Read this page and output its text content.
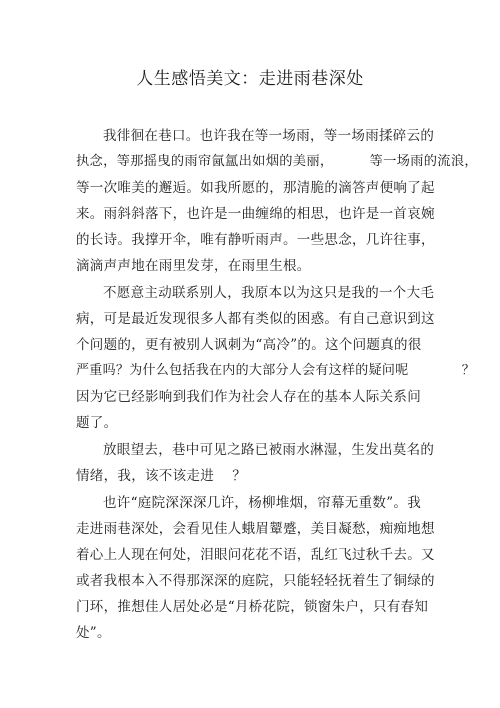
人生感悟美文：走进雨巷深处
我徘徊在巷口。也许我在等一场雨，等一场雨揉碎云的
执念，等那摇曳的雨帘氤氲出如烟的美丽，        等一场雨的流浪，
等一次唯美的邂逅。如我所愿的，那清脆的滴答声便响了起
来。雨斜斜落下，也许是一曲缠绵的相思，也许是一首哀婉
的长诗。我撑开伞，唯有静听雨声。一些思念，几许往事，
滴滴声声地在雨里发芽，在雨里生根。
不愿意主动联系别人，我原本以为这只是我的一个大毛
病，可是最近发现很多人都有类似的困惑。有自己意识到这
个问题的，更有被别人讽刺为“高冷”的。这个问题真的很
严重吗？为什么包括我在内的大部分人会有这样的疑问呢            ？
因为它已经影响到我们作为社会人存在的基本人际关系问
题了。
放眼望去，巷中可见之路已被雨水淋湿，生发出莫名的
情绪，我，该不该走进    ？
也许“庭院深深深几许，杨柳堆烟，帘幕无重数”。我
走进雨巷深处，会看见佳人蛾眉颦蹙，美目凝愁，痴痴地想
着心上人现在何处，泪眼问花花不语，乱红飞过秋千去。又
或者我根本入不得那深深的庭院，只能轻轻抚着生了铜绿的
门环，推想佳人居处必是“月桥花院，锁窗朱户，只有春知
处”。
